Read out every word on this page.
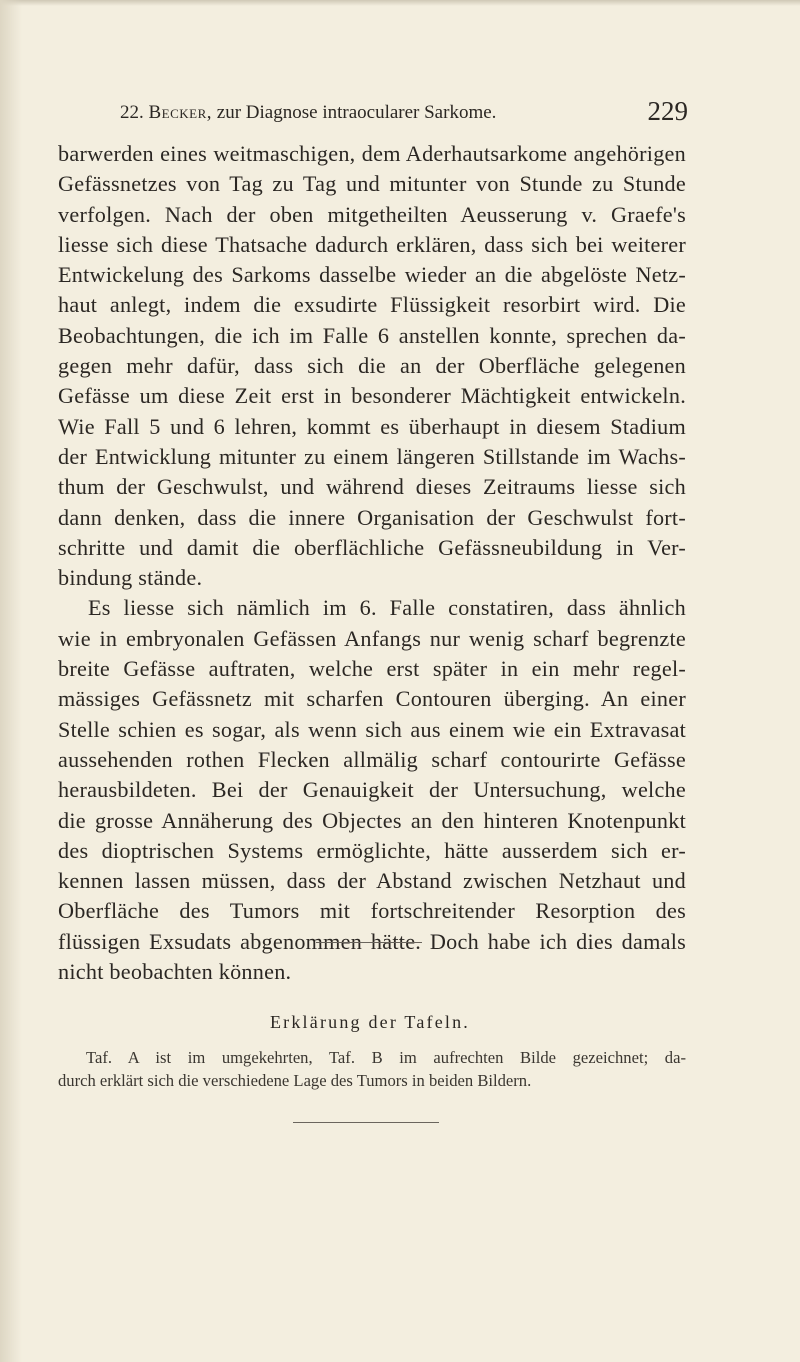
22. Becker, zur Diagnose intraocularer Sarkome.	229
barwerden eines weitmaschigen, dem Aderhautsarkome angehörigen
Gefässnetzes von Tag zu Tag und mitunter von Stunde zu Stunde
verfolgen. Nach der oben mitgetheilten Aeusserung v. Graefe's
liesse sich diese Thatsache dadurch erklären, dass sich bei weiterer
Entwickelung des Sarkoms dasselbe wieder an die abgelöste Netz-
haut anlegt, indem die exsudirte Flüssigkeit resorbirt wird. Die
Beobachtungen, die ich im Falle 6 anstellen konnte, sprechen da-
gegen mehr dafür, dass sich die an der Oberfläche gelegenen
Gefässe um diese Zeit erst in besonderer Mächtigkeit entwickeln.
Wie Fall 5 und 6 lehren, kommt es überhaupt in diesem Stadium
der Entwicklung mitunter zu einem längeren Stillstande im Wachs-
thum der Geschwulst, und während dieses Zeitraums liesse sich
dann denken, dass die innere Organisation der Geschwulst fort-
schritte und damit die oberflächliche Gefässneubildung in Ver-
bindung stände.
Es liesse sich nämlich im 6. Falle constatiren, dass ähnlich
wie in embryonalen Gefässen Anfangs nur wenig scharf begrenzte
breite Gefässe auftraten, welche erst später in ein mehr regel-
mässiges Gefässnetz mit scharfen Contouren überging. An einer
Stelle schien es sogar, als wenn sich aus einem wie ein Extravasat
aussehenden rothen Flecken allmälig scharf contourirte Gefässe
herausbildeten. Bei der Genauigkeit der Untersuchung, welche
die grosse Annäherung des Objectes an den hinteren Knotenpunkt
des dioptrischen Systems ermöglichte, hätte ausserdem sich er-
kennen lassen müssen, dass der Abstand zwischen Netzhaut und
Oberfläche des Tumors mit fortschreitender Resorption des
flüssigen Exsudats abgenommen hätte. Doch habe ich dies damals
nicht beobachten können.
Erklärung der Tafeln.
Taf. A ist im umgekehrten, Taf. B im aufrechten Bilde gezeichnet; da-
durch erklärt sich die verschiedene Lage des Tumors in beiden Bildern.
